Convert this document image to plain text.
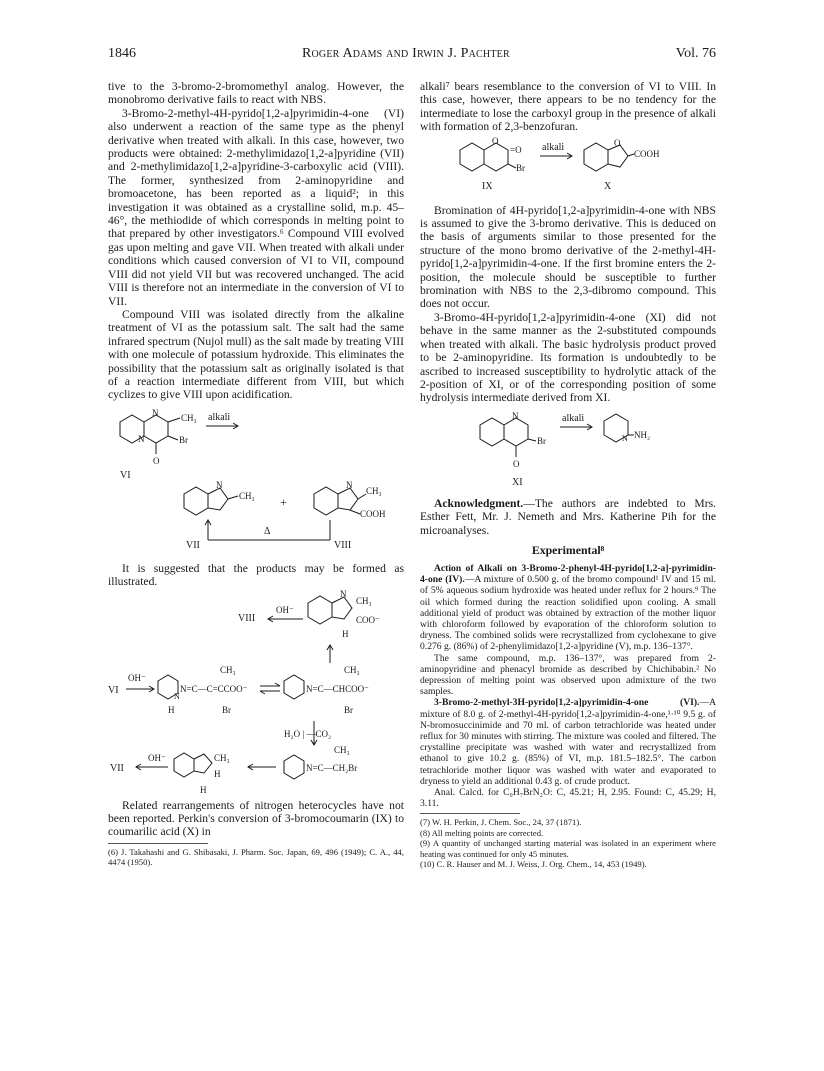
1846	Roger Adams and Irwin J. Pachter	Vol. 76

tive to the 3-bromo-2-bromomethyl analog. However, the monobromo derivative fails to react with NBS.

3-Bromo-2-methyl-4H-pyrido[1,2-a]pyrimidin-4-one (VI) also underwent a reaction of the same type as the phenyl derivative when treated with alkali. In this case, however, two products were obtained: 2-methylimidazo[1,2-a]pyridine (VII) and 2-methylimidazo[1,2-a]pyridine-3-carboxylic acid (VIII). The former, synthesized from 2-aminopyridine and bromoacetone, has been reported as a liquid²; in this investigation it was obtained as a crystalline solid, m.p. 45–46°, the methiodide of which corresponds in melting point to that prepared by other investigators.⁶ Compound VIII evolved gas upon melting and gave VII. When treated with alkali under conditions which caused conversion of VI to VII, compound VIII did not yield VII but was recovered unchanged. The acid VIII is therefore not an intermediate in the conversion of VI to VII.

Compound VIII was isolated directly from the alkaline treatment of VI as the potassium salt. The salt had the same infrared spectrum (Nujol mull) as the salt made by treating VIII with one molecule of potassium hydroxide. This eliminates the possibility that the potassium salt as originally isolated is that of a reaction intermediate different from VIII, but which cyclizes to give VIII upon acidification.

N
N
CH₃
Br
O
VI
alkali
N
CH₃ +
N
CH₃
COOH
Δ
VII	VIII

It is suggested that the products may be formed as illustrated.

VIII
OH⁻
N
CH₃
COO⁻
H
VI
OH⁻
N
H
N=C—C=CCOO⁻
CH₃
Br
N=C—CHCOO⁻
CH₃
Br
H₂O | —CO₂
VII
OH⁻	CH₃
H
H
N=C—CH₂Br
CH₃

Related rearrangements of nitrogen heterocycles have not been reported. Perkin's conversion of 3-bromocoumarin (IX) to coumarilic acid (X) in

(6) J. Takahashi and G. Shibasaki, J. Pharm. Soc. Japan, 69, 496 (1949); C. A., 44, 4474 (1950).

alkali⁷ bears resemblance to the conversion of VI to VIII. In this case, however, there appears to be no tendency for the intermediate to lose the carboxyl group in the presence of alkali with formation of 2,3-benzofuran.

O
=O
Br
IX
alkali	O
COOH
X

Bromination of 4H-pyrido[1,2-a]pyrimidin-4-one with NBS is assumed to give the 3-bromo derivative. This is deduced on the basis of arguments similar to those presented for the structure of the mono bromo derivative of the 2-methyl-4H-pyrido[1,2-a]pyrimidin-4-one. If the first bromine enters the 2-position, the molecule should be susceptible to further bromination with NBS to the 2,3-dibromo compound. This does not occur.

3-Bromo-4H-pyrido[1,2-a]pyrimidin-4-one (XI) did not behave in the same manner as the 2-substituted compounds when treated with alkali. The basic hydrolysis product proved to be 2-aminopyridine. Its formation is undoubtedly to be ascribed to increased susceptibility to hydrolytic attack of the 2-position of XI, or of the corresponding position of some hydrolysis intermediate derived from XI.

N
Br
O
XI
alkali
N NH₂

Acknowledgment.—The authors are indebted to Mrs. Esther Fett, Mr. J. Nemeth and Mrs. Katherine Pih for the microanalyses.

Experimental⁸

Action of Alkali on 3-Bromo-2-phenyl-4H-pyrido[1,2-a]-pyrimidin-4-one (IV).—A mixture of 0.500 g. of the bromo compound¹ IV and 15 ml. of 5% aqueous sodium hydroxide was heated under reflux for 2 hours.⁹ The oil which formed during the reaction solidified upon cooling. A small additional yield of product was obtained by extraction of the mother liquor with chloroform followed by evaporation of the chloroform solution to dryness. The combined solids were recrystallized from cyclohexane to give 0.276 g. (86%) of 2-phenylimidazo[1,2-a]pyridine (V), m.p. 136–137°.

The same compound, m.p. 136–137°, was prepared from 2-aminopyridine and phenacyl bromide as described by Chichibabin.² No depression of melting point was observed upon admixture of the two samples.

3-Bromo-2-methyl-3H-pyrido[1,2-a]pyrimidin-4-one (VI).—A mixture of 8.0 g. of 2-methyl-4H-pyrido[1,2-a]pyrimidin-4-one,¹·¹⁰ 9.5 g. of N-bromosuccinimide and 70 ml. of carbon tetrachloride was heated under reflux for 30 minutes with stirring. The mixture was cooled and filtered. The crystalline precipitate was washed with water and recrystallized from ethanol to give 10.2 g. (85%) of VI, m.p. 181.5–182.5°. The carbon tetrachloride mother liquor was washed with water and evaporated to dryness to yield an additional 0.43 g. of crude product.

Anal. Calcd. for C₉H₇BrN₂O: C, 45.21; H, 2.95. Found: C, 45.29; H, 3.11.

(7) W. H. Perkin, J. Chem. Soc., 24, 37 (1871).

(8) All melting points are corrected.

(9) A quantity of unchanged starting material was isolated in an experiment where heating was continued for only 45 minutes.

(10) C. R. Hauser and M. J. Weiss, J. Org. Chem., 14, 453 (1949).
